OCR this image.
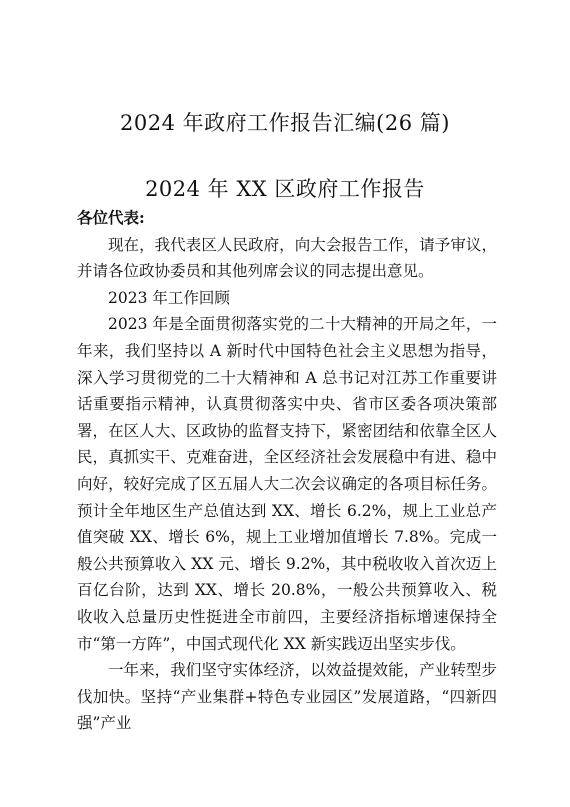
2024 年政府工作报告汇编(26 篇)
2024 年 XX 区政府工作报告

各位代表:

现在，我代表区人民政府，向大会报告工作，请予审议，并请各位政协委员和其他列席会议的同志提出意见。

2023 年工作回顾

2023 年是全面贯彻落实党的二十大精神的开局之年，一年来，我们坚持以 A 新时代中国特色社会主义思想为指导，深入学习贯彻党的二十大精神和 A 总书记对江苏工作重要讲话重要指示精神，认真贯彻落实中央、省市区委各项决策部署，在区人大、区政协的监督支持下，紧密团结和依靠全区人民，真抓实干、克难奋进，全区经济社会发展稳中有进、稳中向好，较好完成了区五届人大二次会议确定的各项目标任务。预计全年地区生产总值达到 XX、增长 6.2%，规上工业总产值突破 XX、增长 6%，规上工业增加值增长 7.8%。完成一般公共预算收入 XX 元、增长 9.2%，其中税收收入首次迈上百亿台阶，达到 XX、增长 20.8%，一般公共预算收入、税收收入总量历史性挺进全市前四，主要经济指标增速保持全市“第一方阵”，中国式现代化 XX 新实践迈出坚实步伐。

一年来，我们坚守实体经济，以效益提效能，产业转型步伐加快。坚持“产业集群+特色专业园区”发展道路，“四新四强”产业
